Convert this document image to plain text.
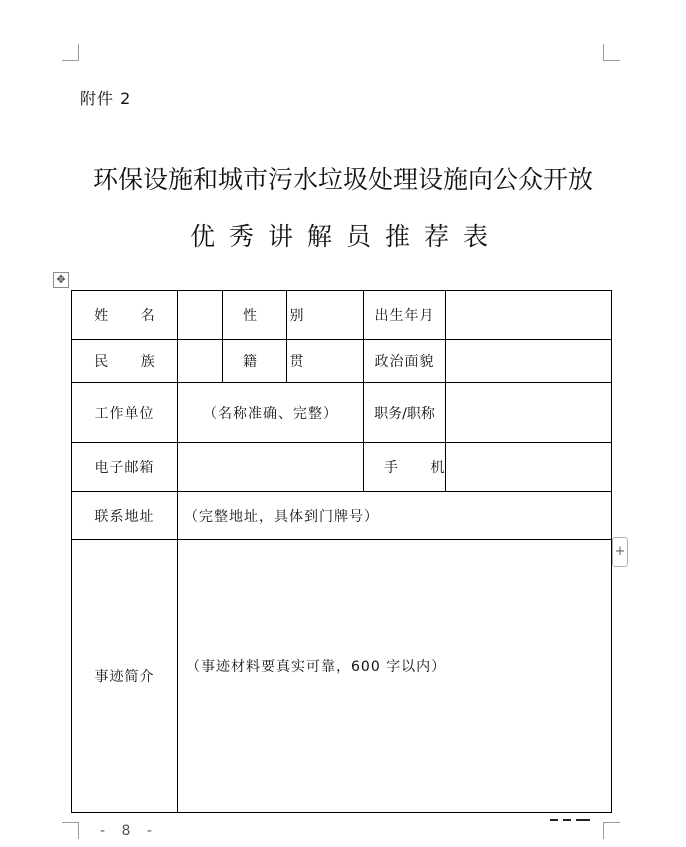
附件 2
环保设施和城市污水垃圾处理设施向公众开放
优秀讲解员推荐表
✥
姓 名		性 别		出生年月	
民 族		籍 贯		政治面貌	
工作单位	（名称准确、完整）			职务/职称	
电子邮箱				手 机	
联系地址	（完整地址，具体到门牌号）				
事迹简介	（事迹材料要真实可靠，600 字以内）				
+
- 8 -
